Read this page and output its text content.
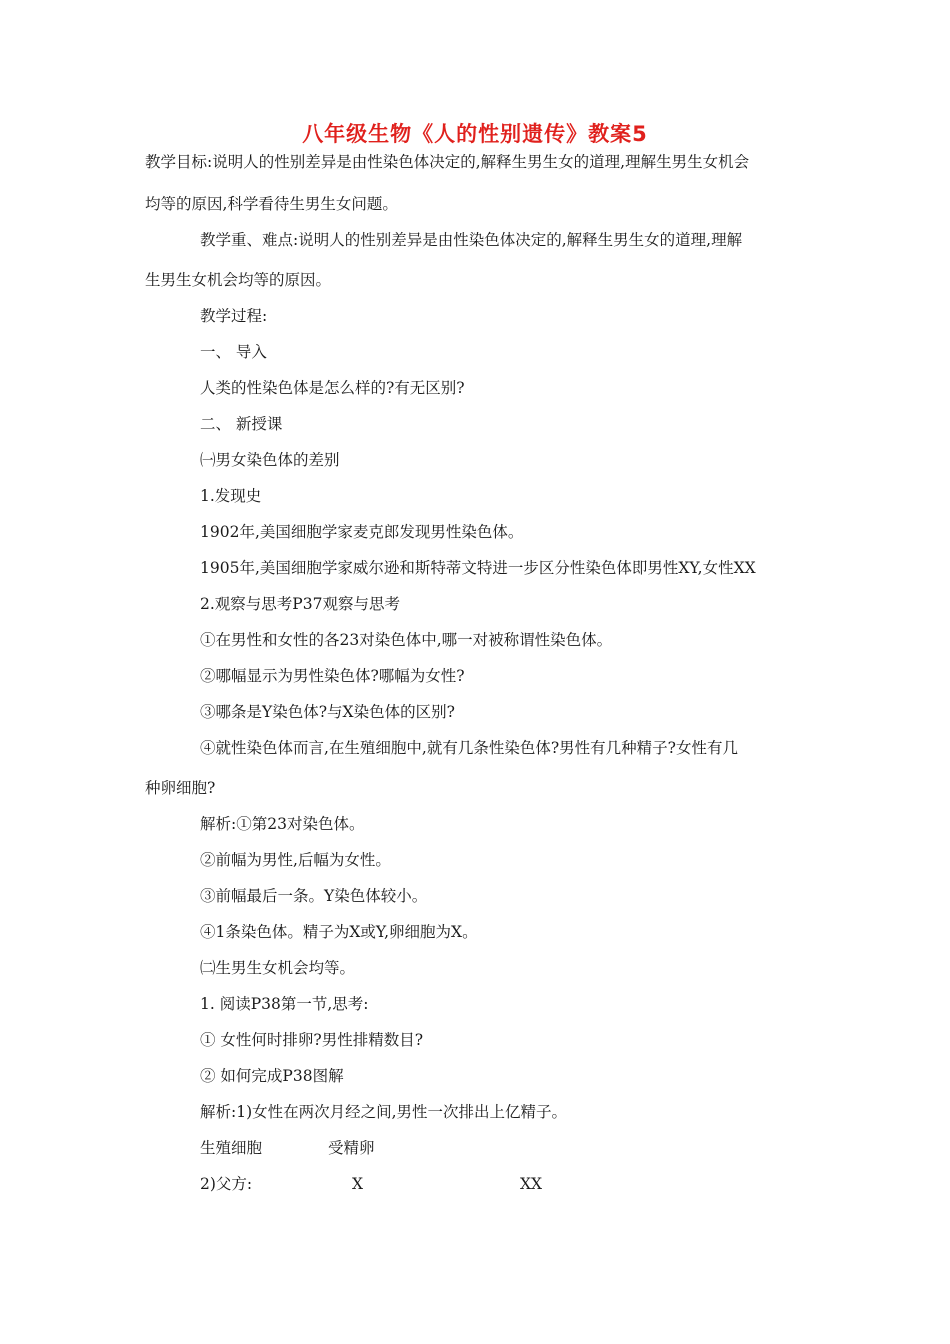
八年级生物《人的性别遗传》教案5
教学目标:说明人的性别差异是由性染色体决定的,解释生男生女的道理,理解生男生女机会
均等的原因,科学看待生男生女问题。
教学重、难点:说明人的性别差异是由性染色体决定的,解释生男生女的道理,理解
生男生女机会均等的原因。
教学过程:
一、 导入
人类的性染色体是怎么样的?有无区别?
二、 新授课
㈠男女染色体的差别
1.发现史
1902年,美国细胞学家麦克郎发现男性染色体。
1905年,美国细胞学家威尔逊和斯特蒂文特进一步区分性染色体即男性XY,女性XX
2.观察与思考P37观察与思考
①在男性和女性的各23对染色体中,哪一对被称谓性染色体。
②哪幅显示为男性染色体?哪幅为女性?
③哪条是Y染色体?与X染色体的区别?
④就性染色体而言,在生殖细胞中,就有几条性染色体?男性有几种精子?女性有几
种卵细胞?
解析:①第23对染色体。
②前幅为男性,后幅为女性。
③前幅最后一条。Y染色体较小。
④1条染色体。精子为X或Y,卵细胞为X。
㈡生男生女机会均等。
1. 阅读P38第一节,思考:
① 女性何时排卵?男性排精数目?
② 如何完成P38图解
解析:1)女性在两次月经之间,男性一次排出上亿精子。
生殖细胞	受精卵
2)父方:	X	XX
